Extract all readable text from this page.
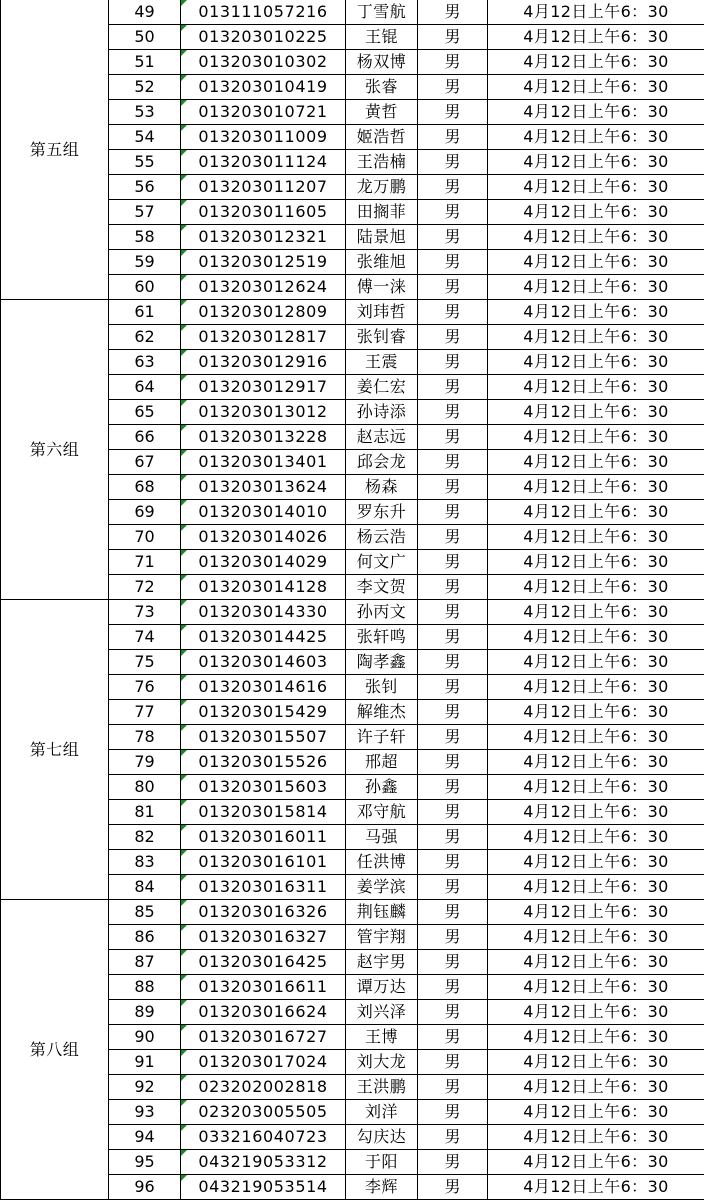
第五组	49	013111057216	丁雪航	男	4月12日上午6：30
	50	013203010225	王锟	男	4月12日上午6：30
	51	013203010302	杨双博	男	4月12日上午6：30
	52	013203010419	张睿	男	4月12日上午6：30
	53	013203010721	黄哲	男	4月12日上午6：30
	54	013203011009	姬浩哲	男	4月12日上午6：30
	55	013203011124	王浩楠	男	4月12日上午6：30
	56	013203011207	龙万鹏	男	4月12日上午6：30
	57	013203011605	田搁菲	男	4月12日上午6：30
	58	013203012321	陆景旭	男	4月12日上午6：30
	59	013203012519	张维旭	男	4月12日上午6：30
	60	013203012624	傅一涞	男	4月12日上午6：30
第六组	61	013203012809	刘玮哲	男	4月12日上午6：30
	62	013203012817	张钊睿	男	4月12日上午6：30
	63	013203012916	王震	男	4月12日上午6：30
	64	013203012917	姜仁宏	男	4月12日上午6：30
	65	013203013012	孙诗添	男	4月12日上午6：30
	66	013203013228	赵志远	男	4月12日上午6：30
	67	013203013401	邱会龙	男	4月12日上午6：30
	68	013203013624	杨森	男	4月12日上午6：30
	69	013203014010	罗东升	男	4月12日上午6：30
	70	013203014026	杨云浩	男	4月12日上午6：30
	71	013203014029	何文广	男	4月12日上午6：30
	72	013203014128	李文贺	男	4月12日上午6：30
第七组	73	013203014330	孙丙文	男	4月12日上午6：30
	74	013203014425	张轩鸣	男	4月12日上午6：30
	75	013203014603	陶孝鑫	男	4月12日上午6：30
	76	013203014616	张钊	男	4月12日上午6：30
	77	013203015429	解维杰	男	4月12日上午6：30
	78	013203015507	许子轩	男	4月12日上午6：30
	79	013203015526	邢超	男	4月12日上午6：30
	80	013203015603	孙鑫	男	4月12日上午6：30
	81	013203015814	邓守航	男	4月12日上午6：30
	82	013203016011	马强	男	4月12日上午6：30
	83	013203016101	任洪博	男	4月12日上午6：30
	84	013203016311	姜学滨	男	4月12日上午6：30
第八组	85	013203016326	荆钰麟	男	4月12日上午6：30
	86	013203016327	管宇翔	男	4月12日上午6：30
	87	013203016425	赵宇男	男	4月12日上午6：30
	88	013203016611	谭万达	男	4月12日上午6：30
	89	013203016624	刘兴泽	男	4月12日上午6：30
	90	013203016727	王博	男	4月12日上午6：30
	91	013203017024	刘大龙	男	4月12日上午6：30
	92	023202002818	王洪鹏	男	4月12日上午6：30
	93	023203005505	刘洋	男	4月12日上午6：30
	94	033216040723	勾庆达	男	4月12日上午6：30
	95	043219053312	于阳	男	4月12日上午6：30
	96	043219053514	李辉	男	4月12日上午6：30
